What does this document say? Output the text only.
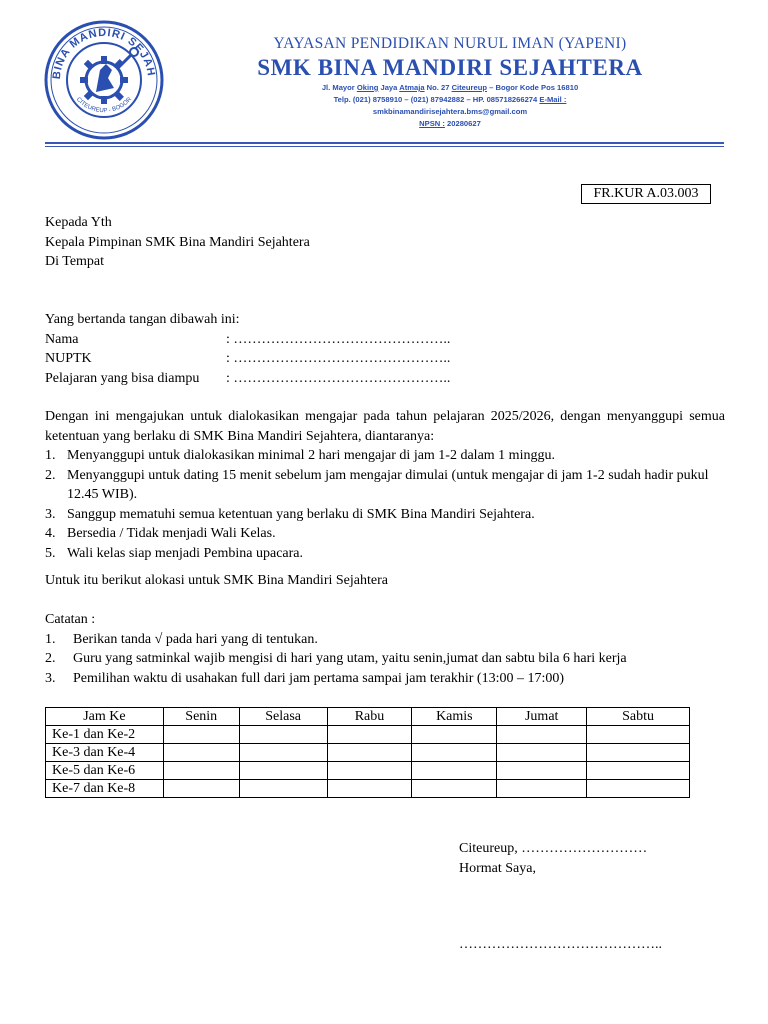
BINA MANDIRI SEJAH
CITEUREUP - BOGOR
YAYASAN PENDIDIKAN NURUL IMAN (YAPENI)
SMK BINA MANDIRI SEJAHTERA
Jl. Mayor Oking Jaya Atmaja No. 27 Citeureup – Bogor Kode Pos 16810
Telp. (021) 8758910 – (021) 87942882 – HP. 085718266274 E-Mail :
smkbinamandirisejahtera.bms@gmail.com
NPSN : 20280627
FR.KUR A.03.003
Kepada Yth
Kepala Pimpinan SMK Bina Mandiri Sejahtera
Di Tempat
Yang bertanda tangan dibawah ini:
Nama	: ………………………………………..
NUPTK	: ………………………………………..
Pelajaran yang bisa diampu	: ………………………………………..
Dengan ini mengajukan untuk dialokasikan mengajar pada tahun pelajaran 2025/2026, dengan menyanggupi semua ketentuan yang berlaku di SMK Bina Mandiri Sejahtera, diantaranya:
1. Menyanggupi untuk dialokasikan minimal 2 hari mengajar di jam 1-2 dalam 1 minggu.
2. Menyanggupi untuk dating 15 menit sebelum jam mengajar dimulai (untuk mengajar di jam 1-2 sudah hadir pukul 12.45 WIB).
3. Sanggup mematuhi semua ketentuan yang berlaku di SMK Bina Mandiri Sejahtera.
4. Bersedia / Tidak menjadi Wali Kelas.
5. Wali kelas siap menjadi Pembina upacara.
Untuk itu berikut alokasi untuk SMK Bina Mandiri Sejahtera
Catatan :
1.	Berikan tanda √ pada hari yang di tentukan.
2.	Guru yang satminkal wajib mengisi di hari yang utam, yaitu senin,jumat dan sabtu bila 6 hari kerja
3.	Pemilihan waktu di usahakan full dari jam pertama sampai jam terakhir (13:00 – 17:00)
Jam Ke	Senin	Selasa	Rabu	Kamis	Jumat	Sabtu
Ke-1 dan Ke-2						
Ke-3 dan Ke-4						
Ke-5 dan Ke-6						
Ke-7 dan Ke-8						
Citeureup, ………………………
Hormat Saya,
……………………………………..
